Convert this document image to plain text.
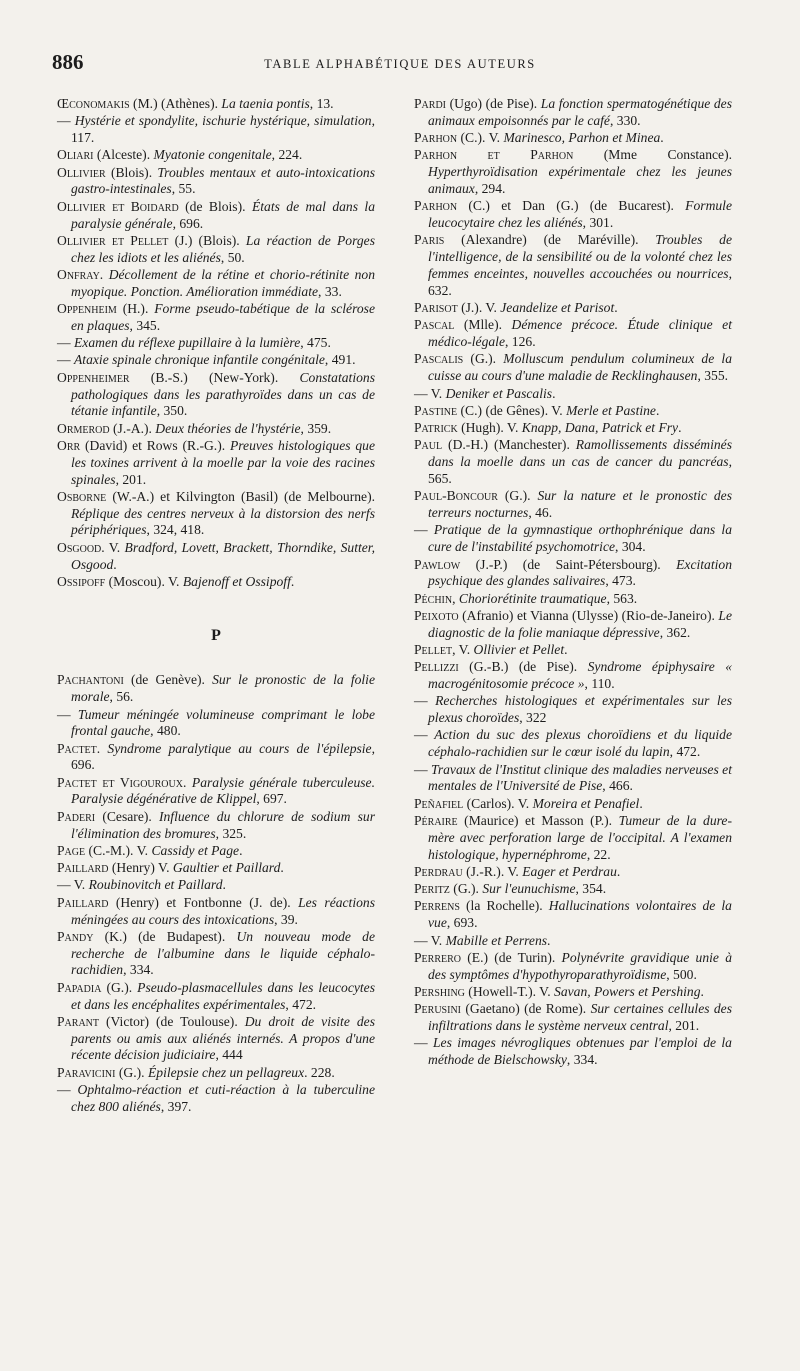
886	TABLE ALPHABÉTIQUE DES AUTEURS
Œconomakis (M.) (Athènes). La taenia pontis, 13.
— Hystérie et spondylite, ischurie hystérique, simulation, 117.
Oliari (Alceste). Myatonie congenitale, 224.
Ollivier (Blois). Troubles mentaux et auto-intoxications gastro-intestinales, 55.
Ollivier et Boidard (de Blois). États de mal dans la paralysie générale, 696.
Ollivier et Pellet (J.) (Blois). La réaction de Porges chez les idiots et les aliénés, 50.
Onfray. Décollement de la rétine et chorio-rétinite non myopique. Ponction. Amélioration immédiate, 33.
Oppenheim (H.). Forme pseudo-tabétique de la sclérose en plaques, 345.
— Examen du réflexe pupillaire à la lumière, 475.
— Ataxie spinale chronique infantile congénitale, 491.
Oppenheimer (B.-S.) (New-York). Constatations pathologiques dans les parathyroïdes dans un cas de tétanie infantile, 350.
Ormerod (J.-A.). Deux théories de l'hystérie, 359.
Orr (David) et Rows (R.-G.). Preuves histologiques que les toxines arrivent à la moelle par la voie des racines spinales, 201.
Osborne (W.-A.) et Kilvington (Basil) (de Melbourne). Réplique des centres nerveux à la distorsion des nerfs périphériques, 324, 418.
Osgood. V. Bradford, Lovett, Brackett, Thorndike, Sutter, Osgood.
Ossipoff (Moscou). V. Bajenoff et Ossipoff.
P
Pachantoni (de Genève). Sur le pronostic de la folie morale, 56.
— Tumeur méningée volumineuse comprimant le lobe frontal gauche, 480.
Pactet. Syndrome paralytique au cours de l'épilepsie, 696.
Pactet et Vigouroux. Paralysie générale tuberculeuse. Paralysie dégénérative de Klippel, 697.
Paderi (Cesare). Influence du chlorure de sodium sur l'élimination des bromures, 325.
Page (C.-M.). V. Cassidy et Page.
Paillard (Henry) V. Gaultier et Paillard.
— V. Roubinovitch et Paillard.
Paillard (Henry) et Fontbonne (J. de). Les réactions méningées au cours des intoxications, 39.
Pandy (K.) (de Budapest). Un nouveau mode de recherche de l'albumine dans le liquide céphalo-rachidien, 334.
Papadia (G.). Pseudo-plasmacellules dans les leucocytes et dans les encéphalites expérimentales, 472.
Parant (Victor) (de Toulouse). Du droit de visite des parents ou amis aux aliénés internés. A propos d'une récente décision judiciaire, 444
Paravicini (G.). Épilepsie chez un pellagreux. 228.
— Ophtalmo-réaction et cuti-réaction à la tuberculine chez 800 aliénés, 397.
Pardi (Ugo) (de Pise). La fonction spermatogénétique des animaux empoisonnés par le café, 330.
Parhon (C.). V. Marinesco, Parhon et Minea.
Parhon et Parhon (Mme Constance). Hyperthyroïdisation expérimentale chez les jeunes animaux, 294.
Parhon (C.) et Dan (G.) (de Bucarest). Formule leucocytaire chez les aliénés, 301.
Paris (Alexandre) (de Maréville). Troubles de l'intelligence, de la sensibilité ou de la volonté chez les femmes enceintes, nouvelles accouchées ou nourrices, 632.
Parisot (J.). V. Jeandelize et Parisot.
Pascal (Mlle). Démence précoce. Étude clinique et médico-légale, 126.
Pascalis (G.). Molluscum pendulum columineux de la cuisse au cours d'une maladie de Recklinghausen, 355.
— V. Deniker et Pascalis.
Pastine (C.) (de Gênes). V. Merle et Pastine.
Patrick (Hugh). V. Knapp, Dana, Patrick et Fry.
Paul (D.-H.) (Manchester). Ramollissements disséminés dans la moelle dans un cas de cancer du pancréas, 565.
Paul-Boncour (G.). Sur la nature et le pronostic des terreurs nocturnes, 46.
— Pratique de la gymnastique orthophrénique dans la cure de l'instabilité psychomotrice, 304.
Pawlow (J.-P.) (de Saint-Pétersbourg). Excitation psychique des glandes salivaires, 473.
Péchin, Choriorétinite traumatique, 563.
Peixoto (Afranio) et Vianna (Ulysse) (Rio-de-Janeiro). Le diagnostic de la folie maniaque dépressive, 362.
Pellet, V. Ollivier et Pellet.
Pellizzi (G.-B.) (de Pise). Syndrome épiphysaire « macrogénitosomie précoce », 110.
— Recherches histologiques et expérimentales sur les plexus choroïdes, 322
— Action du suc des plexus choroïdiens et du liquide céphalo-rachidien sur le cœur isolé du lapin, 472.
— Travaux de l'Institut clinique des maladies nerveuses et mentales de l'Université de Pise, 466.
Peñafiel (Carlos). V. Moreira et Penafiel.
Péraire (Maurice) et Masson (P.). Tumeur de la dure-mère avec perforation large de l'occipital. A l'examen histologique, hypernéphrome, 22.
Perdrau (J.-R.). V. Eager et Perdrau.
Peritz (G.). Sur l'eunuchisme, 354.
Perrens (la Rochelle). Hallucinations volontaires de la vue, 693.
— V. Mabille et Perrens.
Perrero (E.) (de Turin). Polynévrite gravidique unie à des symptômes d'hypothyroparathyroïdisme, 500.
Pershing (Howell-T.). V. Savan, Powers et Pershing.
Perusini (Gaetano) (de Rome). Sur certaines cellules des infiltrations dans le système nerveux central, 201.
— Les images névrogliques obtenues par l'emploi de la méthode de Bielschowsky, 334.
